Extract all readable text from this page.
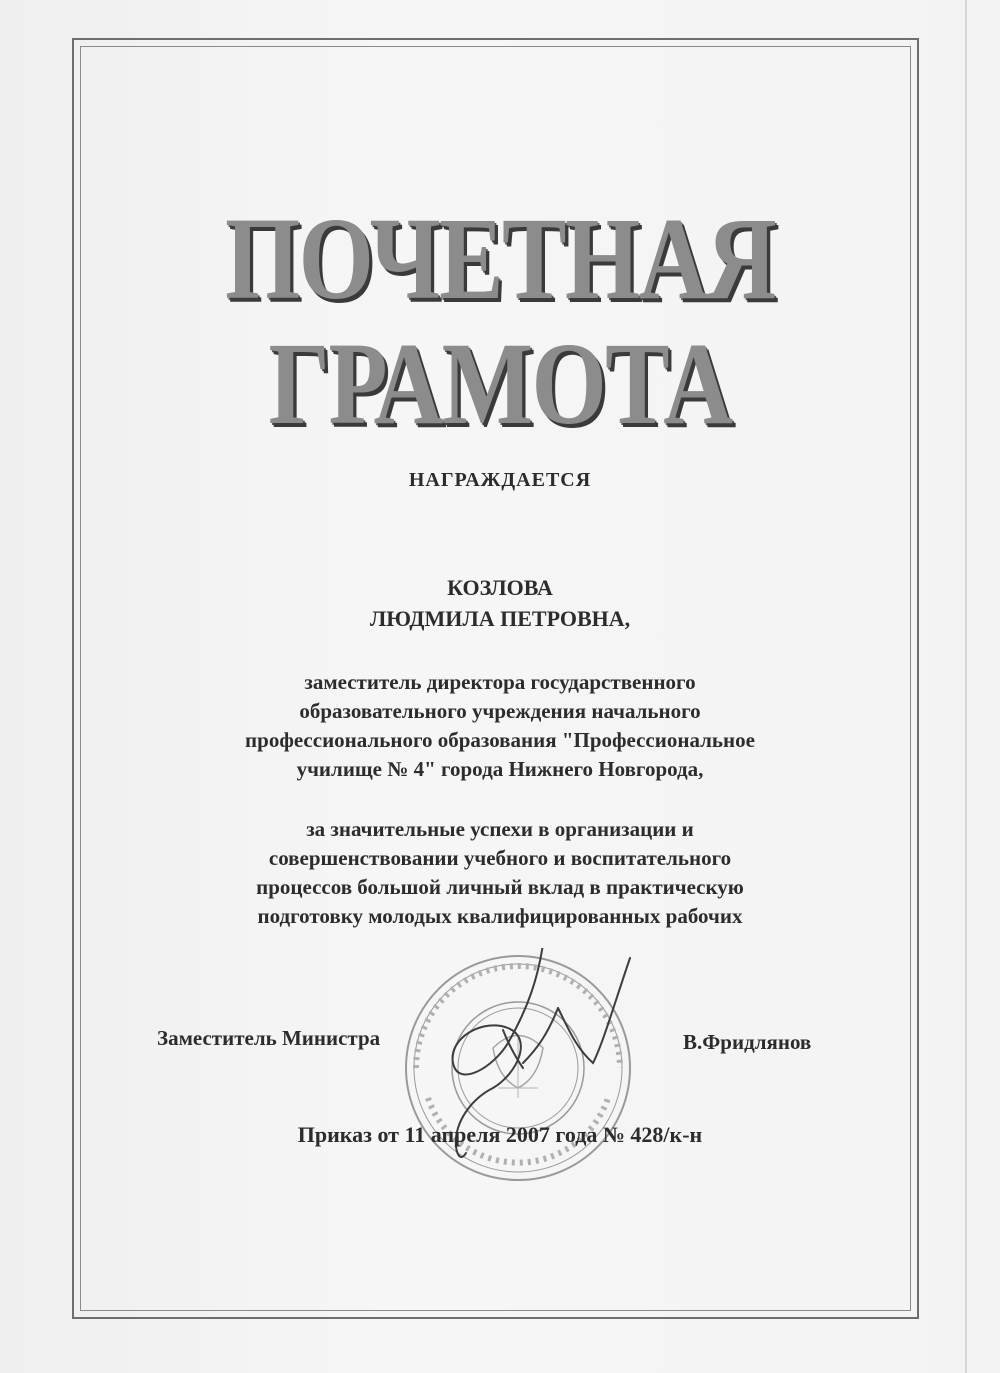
ПОЧЕТНАЯ
ГРАМОТА
НАГРАЖДАЕТСЯ
КОЗЛОВА
ЛЮДМИЛА ПЕТРОВНА,
заместитель директора государственного
образовательного учреждения начального
профессионального образования "Профессиональное
училище № 4" города Нижнего Новгорода,
за значительные успехи в организации и
совершенствовании учебного и воспитательного
процессов большой личный вклад в практическую
подготовку молодых квалифицированных рабочих
Заместитель Министра	В.Фридлянов
Приказ от 11 апреля 2007 года № 428/к-н
